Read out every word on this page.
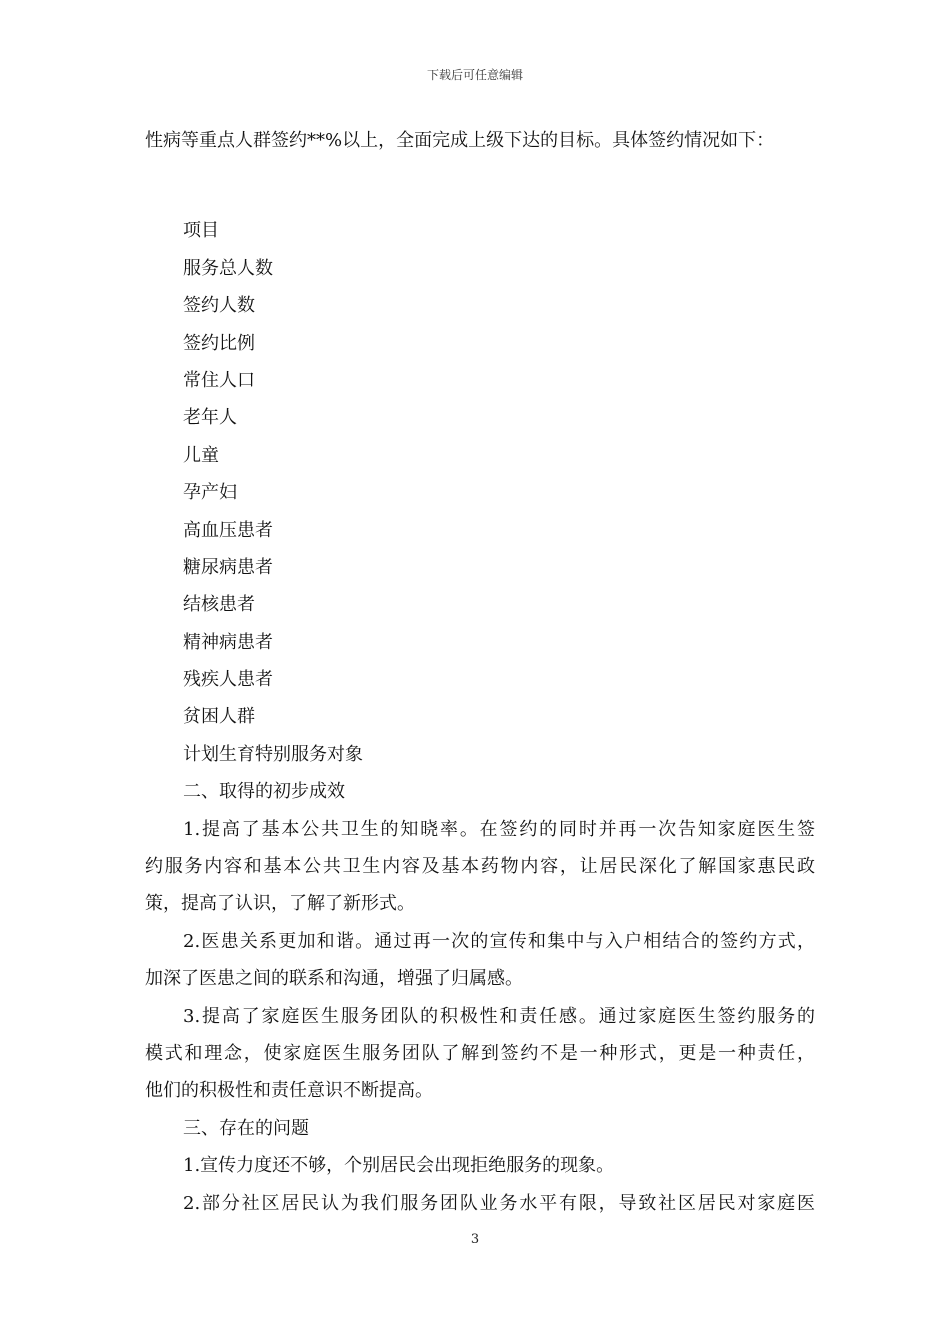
下载后可任意编辑
性病等重点人群签约**%以上，全面完成上级下达的目标。具体签约情况如下：
项目
服务总人数
签约人数
签约比例
常住人口
老年人
儿童
孕产妇
高血压患者
糖尿病患者
结核患者
精神病患者
残疾人患者
贫困人群
计划生育特别服务对象
二、取得的初步成效
1.提高了基本公共卫生的知晓率。在签约的同时并再一次告知家庭医生签
约服务内容和基本公共卫生内容及基本药物内容，让居民深化了解国家惠民政
策，提高了认识，了解了新形式。
2.医患关系更加和谐。通过再一次的宣传和集中与入户相结合的签约方式，
加深了医患之间的联系和沟通，增强了归属感。
3.提高了家庭医生服务团队的积极性和责任感。通过家庭医生签约服务的
模式和理念，使家庭医生服务团队了解到签约不是一种形式，更是一种责任，
他们的积极性和责任意识不断提高。
三、存在的问题
1.宣传力度还不够，个别居民会出现拒绝服务的现象。
2.部分社区居民认为我们服务团队业务水平有限，导致社区居民对家庭医
3
